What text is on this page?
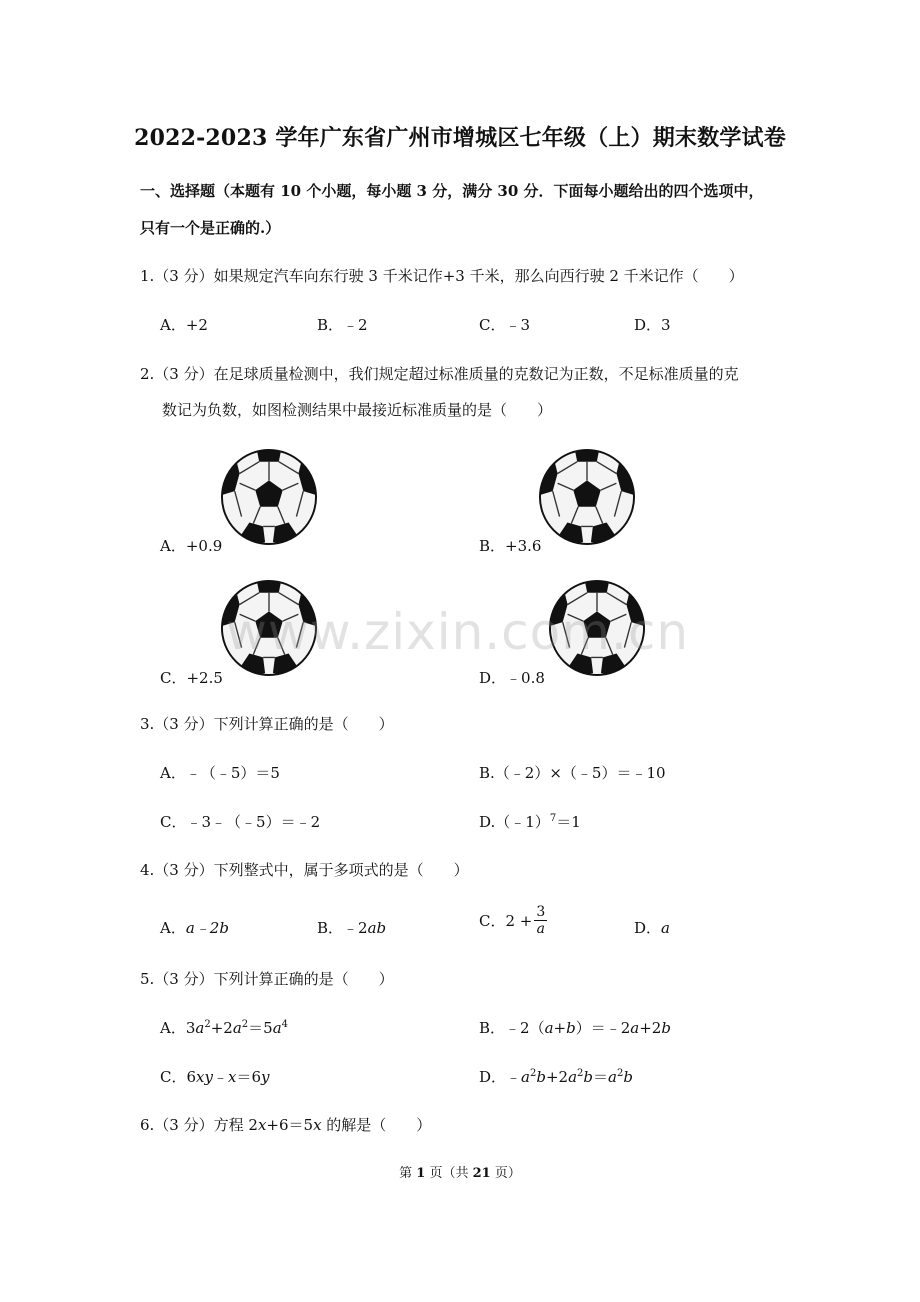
2022-2023 学年广东省广州市增城区七年级（上）期末数学试卷
一、选择题（本题有 10 个小题，每小题 3 分，满分 30 分．下面每小题给出的四个选项中，
只有一个是正确的.）
1.（3 分）如果规定汽车向东行驶 3 千米记作+3 千米，那么向西行驶 2 千米记作（　　）
A．+2	B．﹣2	C．﹣3	D．3
2.（3 分）在足球质量检测中，我们规定超过标准质量的克数记为正数，不足标准质量的克
数记为负数，如图检测结果中最接近标准质量的是（　　）
A．+0.9	B．+3.6
C．+2.5	D．﹣0.8
www.zixin.com.cn
3.（3 分）下列计算正确的是（　　）
A．﹣（﹣5）＝5	B.（﹣2）×（﹣5）＝﹣10
C．﹣3﹣（﹣5）＝﹣2	D.（﹣1）$^7$＝1
4.（3 分）下列整式中，属于多项式的是（　　）
A．a﹣2b	B．﹣2ab	C．$2 + \frac{3}{a}$	D．a
5.（3 分）下列计算正确的是（　　）
A．$3a^2+2a^2=5a^4$	B．﹣2（a+b）＝﹣2a+2b
C．6xy﹣x＝6y	D．$﹣a^2b+2a^2b=a^2b$
6.（3 分）方程 2x+6＝5x 的解是（　　）
第 1 页（共 21 页）
